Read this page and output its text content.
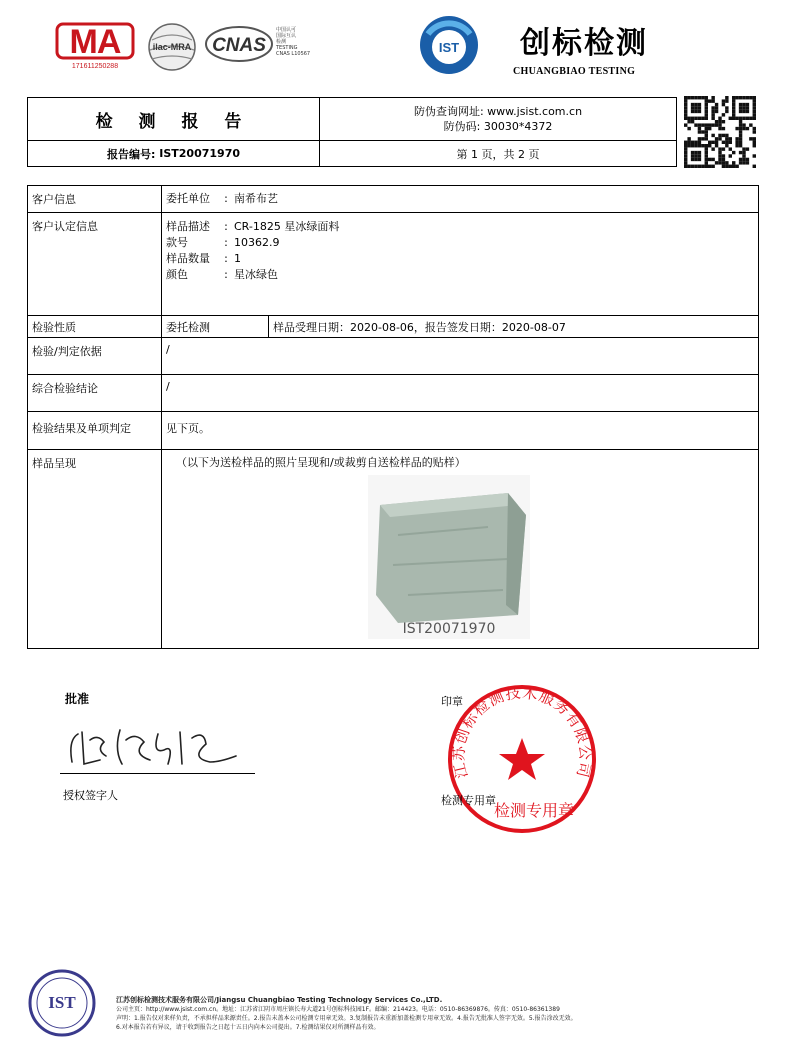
MA
171611250288
ilac-MRA CNAS
中国认可
国际互认
检测
TESTING
CNAS L10567	IST 创标检测
CHUANGBIAO TESTING
检 测 报 告
报告编号:
IST20071970
防伪查询网址: www.jsist.com.cn
防伪码: 30030*4372
第 1 页，共 2 页
客户信息	委托单位 : 南希布艺
客户认定信息	样品描述 : CR-1825 星冰绿面料
款号	: 10362.9
样品数量 : 1
颜色	: 星冰绿色
检验性质	委托检测	样品受理日期：2020-08-06，报告签发日期：2020-08-07
检验/判定依据	/
综合检验结论	/
检验结果及单项判定	见下页。
样品呈现	（以下为送检样品的照片呈现和/或裁剪自送检样品的贴样）
IST20071970
批准
授权签字人
印章
江苏创标检测技术服务有限公司
检测专用章
检测专用章
IST	江苏创标检测技术服务有限公司/Jiangsu Chuangbiao Testing Technology Services Co.,LTD.
公司主页：http://www.jsist.com.cn。地址：江苏省江阴市周庄镇长寿大道21号创标科技园1F。邮编：214423。电话：0510-86369876。传真：0510-86361389
声明：1.报告仅对来样负责，不承担样品来源责任。2.报告未盖本公司检测专用章无效。3.复制报告未重新加盖检测专用章无效。4.报告无批准人签字无效。5.报告涂改无效。
6.对本报告若有异议，请于收到报告之日起十五日内向本公司提出。7.检测结果仅对所测样品有效。
